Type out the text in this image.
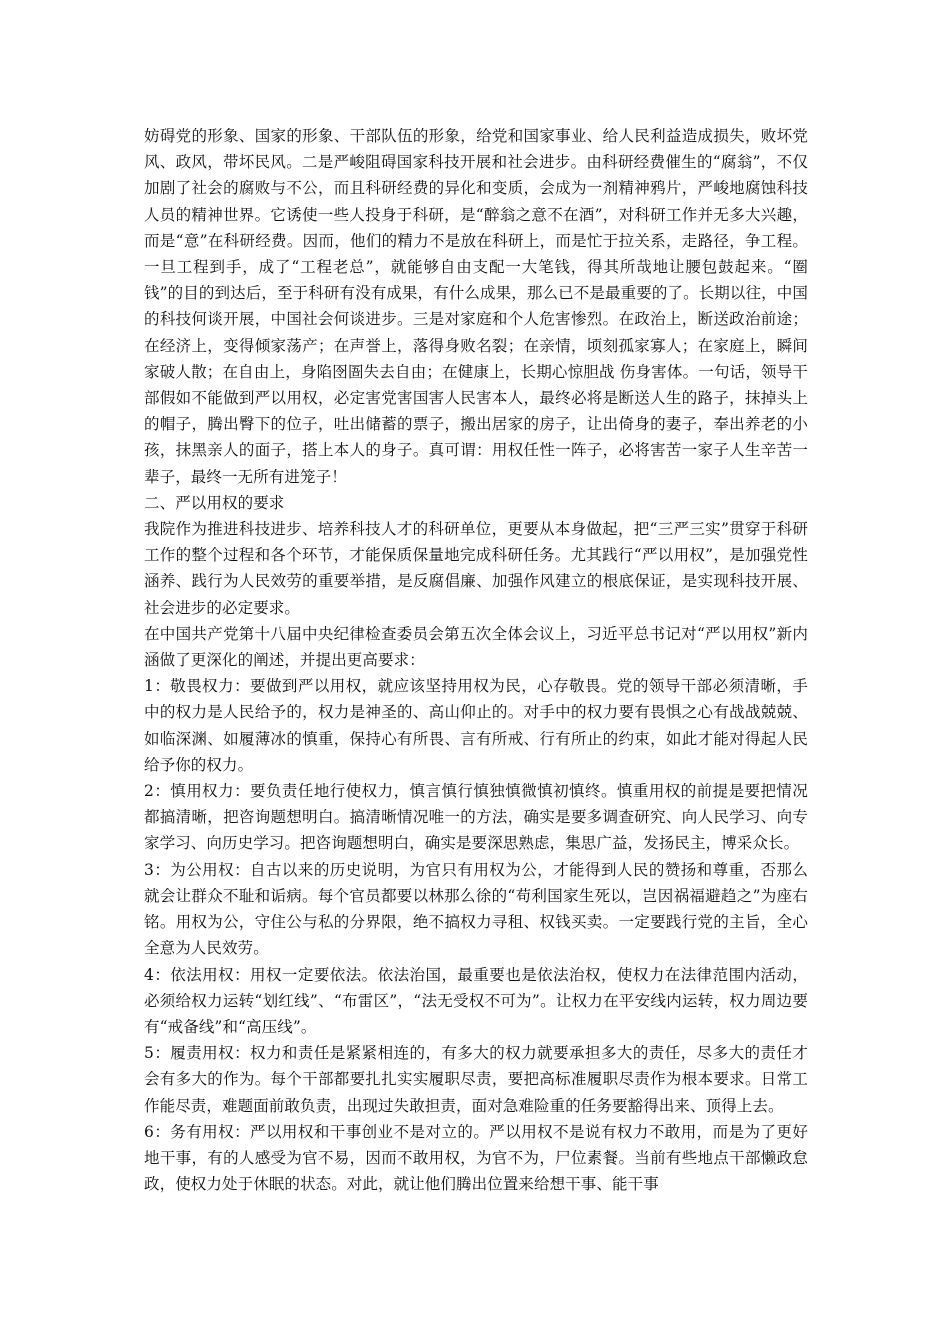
妨碍党的形象、国家的形象、干部队伍的形象，给党和国家事业、给人民利益造成损失，败坏党风、政风，带坏民风。二是严峻阻碍国家科技开展和社会进步。由科研经费催生的“腐翁”，不仅加剧了社会的腐败与不公，而且科研经费的异化和变质，会成为一剂精神鸦片，严峻地腐蚀科技人员的精神世界。它诱使一些人投身于科研，是“醉翁之意不在酒”，对科研工作并无多大兴趣，而是“意”在科研经费。因而，他们的精力不是放在科研上，而是忙于拉关系，走路径，争工程。一旦工程到手，成了“工程老总”，就能够自由支配一大笔钱，得其所哉地让腰包鼓起来。“圈钱”的目的到达后，至于科研有没有成果，有什么成果，那么已不是最重要的了。长期以往，中国的科技何谈开展，中国社会何谈进步。三是对家庭和个人危害惨烈。在政治上，断送政治前途；在经济上，变得倾家荡产；在声誉上，落得身败名裂；在亲情，顷刻孤家寡人；在家庭上，瞬间家破人散；在自由上，身陷囹圄失去自由；在健康上，长期心惊胆战 伤身害体。一句话，领导干部假如不能做到严以用权，必定害党害国害人民害本人，最终必将是断送人生的路子，抹掉头上的帽子，腾出臀下的位子，吐出储蓄的票子，搬出居家的房子，让出倚身的妻子，奉出养老的小孩，抹黑亲人的面子，搭上本人的身子。真可谓：用权任性一阵子，必将害苦一家子人生辛苦一辈子，最终一无所有进笼子！

二、严以用权的要求

我院作为推进科技进步、培养科技人才的科研单位，更要从本身做起，把“三严三实”贯穿于科研工作的整个过程和各个环节，才能保质保量地完成科研任务。尤其践行“严以用权”，是加强党性涵养、践行为人民效劳的重要举措，是反腐倡廉、加强作风建立的根底保证，是实现科技开展、社会进步的必定要求。

在中国共产党第十八届中央纪律检查委员会第五次全体会议上，习近平总书记对“严以用权”新内涵做了更深化的阐述，并提出更高要求：

1：敬畏权力：要做到严以用权，就应该坚持用权为民，心存敬畏。党的领导干部必须清晰，手中的权力是人民给予的，权力是神圣的、高山仰止的。对手中的权力要有畏惧之心有战战兢兢、如临深渊、如履薄冰的慎重，保持心有所畏、言有所戒、行有所止的约束，如此才能对得起人民给予你的权力。

2：慎用权力：要负责任地行使权力，慎言慎行慎独慎微慎初慎终。慎重用权的前提是要把情况都搞清晰，把咨询题想明白。搞清晰情况唯一的方法，确实是要多调查研究、向人民学习、向专家学习、向历史学习。把咨询题想明白，确实是要深思熟虑，集思广益，发扬民主，博采众长。

3：为公用权：自古以来的历史说明，为官只有用权为公，才能得到人民的赞扬和尊重，否那么就会让群众不耻和诟病。每个官员都要以林那么徐的“苟利国家生死以，岂因祸福避趋之”为座右铭。用权为公，守住公与私的分界限，绝不搞权力寻租、权钱买卖。一定要践行党的主旨，全心全意为人民效劳。

4：依法用权：用权一定要依法。依法治国，最重要也是依法治权，使权力在法律范围内活动，必须给权力运转“划红线”、“布雷区”，“法无受权不可为”。让权力在平安线内运转，权力周边要有“戒备线”和“高压线”。

5：履责用权：权力和责任是紧紧相连的，有多大的权力就要承担多大的责任，尽多大的责任才会有多大的作为。每个干部都要扎扎实实履职尽责，要把高标准履职尽责作为根本要求。日常工作能尽责，难题面前敢负责，出现过失敢担责，面对急难险重的任务要豁得出来、顶得上去。

6：务有用权：严以用权和干事创业不是对立的。严以用权不是说有权力不敢用，而是为了更好地干事，有的人感受为官不易，因而不敢用权，为官不为，尸位素餐。当前有些地点干部懒政怠政，使权力处于休眠的状态。对此，就让他们腾出位置来给想干事、能干事
